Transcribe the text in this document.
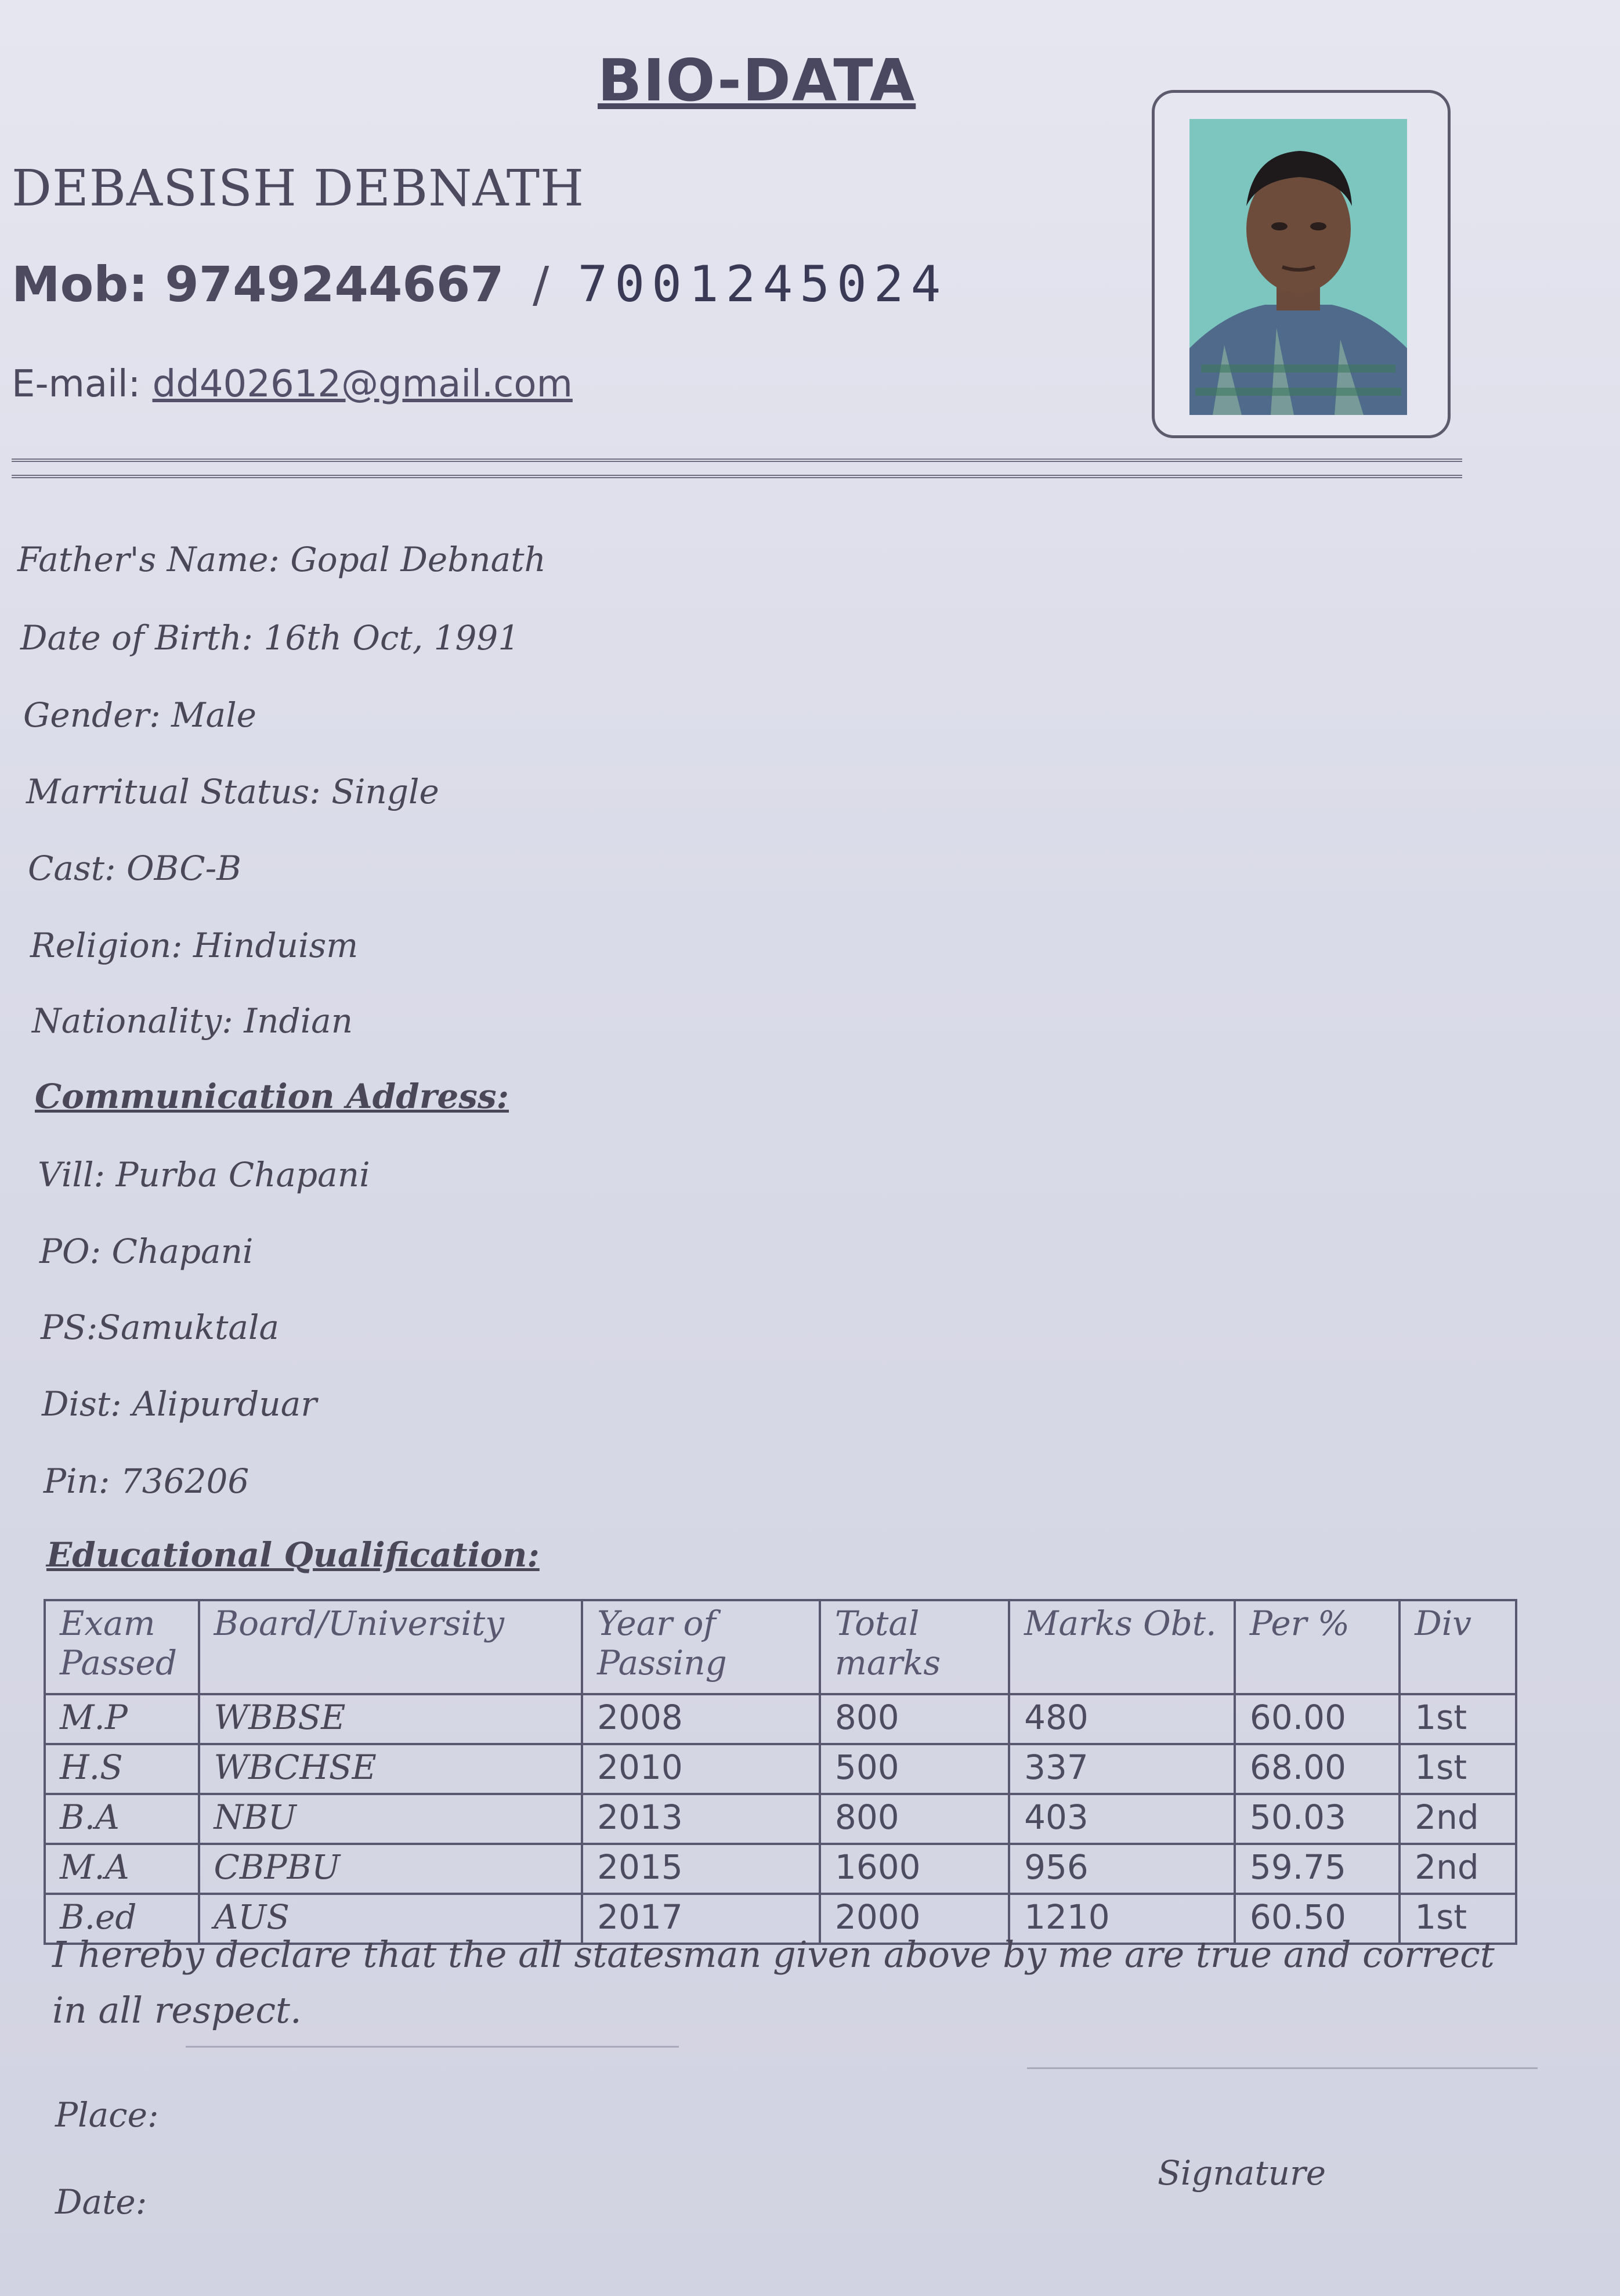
BIO-DATA
DEBASISH DEBNATH
Mob: 9749244667 / 7001245024
E-mail: dd402612@gmail.com
Father's Name: Gopal Debnath
Date of Birth: 16th Oct, 1991
Gender: Male
Marritual Status: Single
Cast: OBC-B
Religion: Hinduism
Nationality: Indian
Communication Address:
Vill: Purba Chapani
PO: Chapani
PS:Samuktala
Dist: Alipurduar
Pin: 736206
Educational Qualification:
Exam Passed	Board/University	Year of Passing	Total marks	Marks Obt.	Per %	Div
M.P	WBBSE	2008	800	480	60.00	1st
H.S	WBCHSE	2010	500	337	68.00	1st
B.A	NBU	2013	800	403	50.03	2nd
M.A	CBPBU	2015	1600	956	59.75	2nd
B.ed	AUS	2017	2000	1210	60.50	1st
I hereby declare that the all statesman given above by me are true and correct in all respect.
Place:
Date:
Signature
